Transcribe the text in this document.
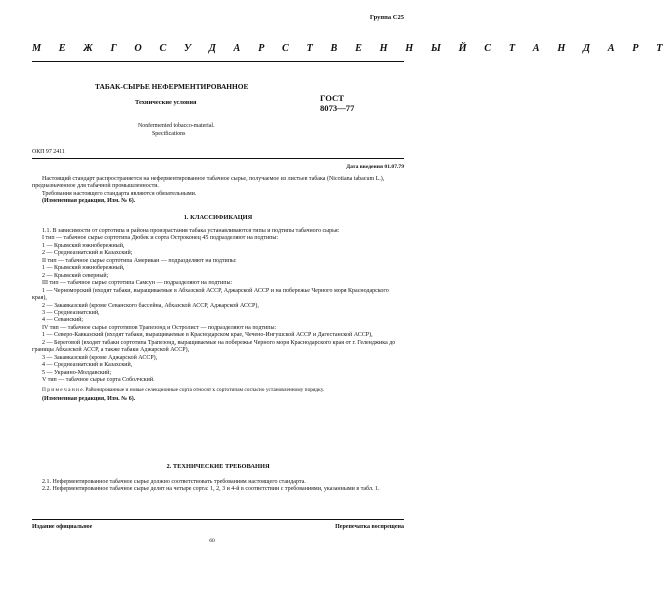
Группа С25
М Е Ж Г О С У Д А Р С Т В Е Н Н Ы Й С Т А Н Д А Р Т
ТАБАК-СЫРЬЕ НЕФЕРМЕНТИРОВАННОЕ
Технические условия	ГОСТ
8073—77
Nonfermented tobacco-material.
Specifications
ОКП 97 2411
Дата введения 01.07.79

Настоящий стандарт распространяется на неферментированное табачное сырье, получаемое из листьев табака (Nicotiana tabacum L.), предназначенное для табачной промышленности.

Требования настоящего стандарта являются обязательными.

(Измененная редакция, Изм. № 6).

1. КЛАССИФИКАЦИЯ

1.1. В зависимости от сортотипа и района произрастания табака устанавливаются типы и подтипы табачного сырья:

I тип — табачное сырье сортотипа Дюбек и сорта Остроконец 45 подразделяют на подтипы:

1 — Крымский южнобережный,

2 — Среднеазиатский и Казахский;

II тип — табачное сырье сортотипа Американ — подразделяют на подтипы:

1 — Крымский южнобережный,

2 — Крымский северный;

III тип — табачное сырье сортотипа Самсун — подразделяют на подтипы:

1 — Черноморский (входят табаки, выращиваемые в Абхазской АССР, Аджарской АССР и на побережье Черного моря Краснодарского края),

2 — Закавказский (кроме Севанского бассейна, Абхазской АССР, Аджарской АССР),

3 — Среднеазиатский,

4 — Севанский;

IV тип — табачное сырье сортотипов Трапезонд и Остролист — подразделяют на подтипы:

1 — Северо-Кавказский (входят табаки, выращиваемые в Краснодарском крае, Чечено-Ингушской АССР и Дагестанской АССР),

2 — Береговой (входят табаки сортотипа Трапезонд, выращиваемые на побережье Черного моря Краснодарского края от г. Геленджика до границы Абхазской АССР, а также табаки Аджарской АССР),

3 — Закавказский (кроме Аджарской АССР),

4 — Среднеазиатский и Казахский,

5 — Украино-Молдавский;

V тип — табачное сырье сорта Соболчский.

П р и м е ч а н и е. Районированные и новые селекционные сорта относят к сортотипам согласно установленному порядку.

(Измененная редакция, Изм. № 6).

2. ТЕХНИЧЕСКИЕ ТРЕБОВАНИЯ

2.1. Неферментированное табачное сырье должно соответствовать требованиям настоящего стандарта.

2.2. Неферментированное табачное сырье делят на четыре сорта: 1, 2, 3 и 4-й в соответствии с требованиями, указанными в табл. 1.

Издание официальное	Перепечатка воспрещена
60
